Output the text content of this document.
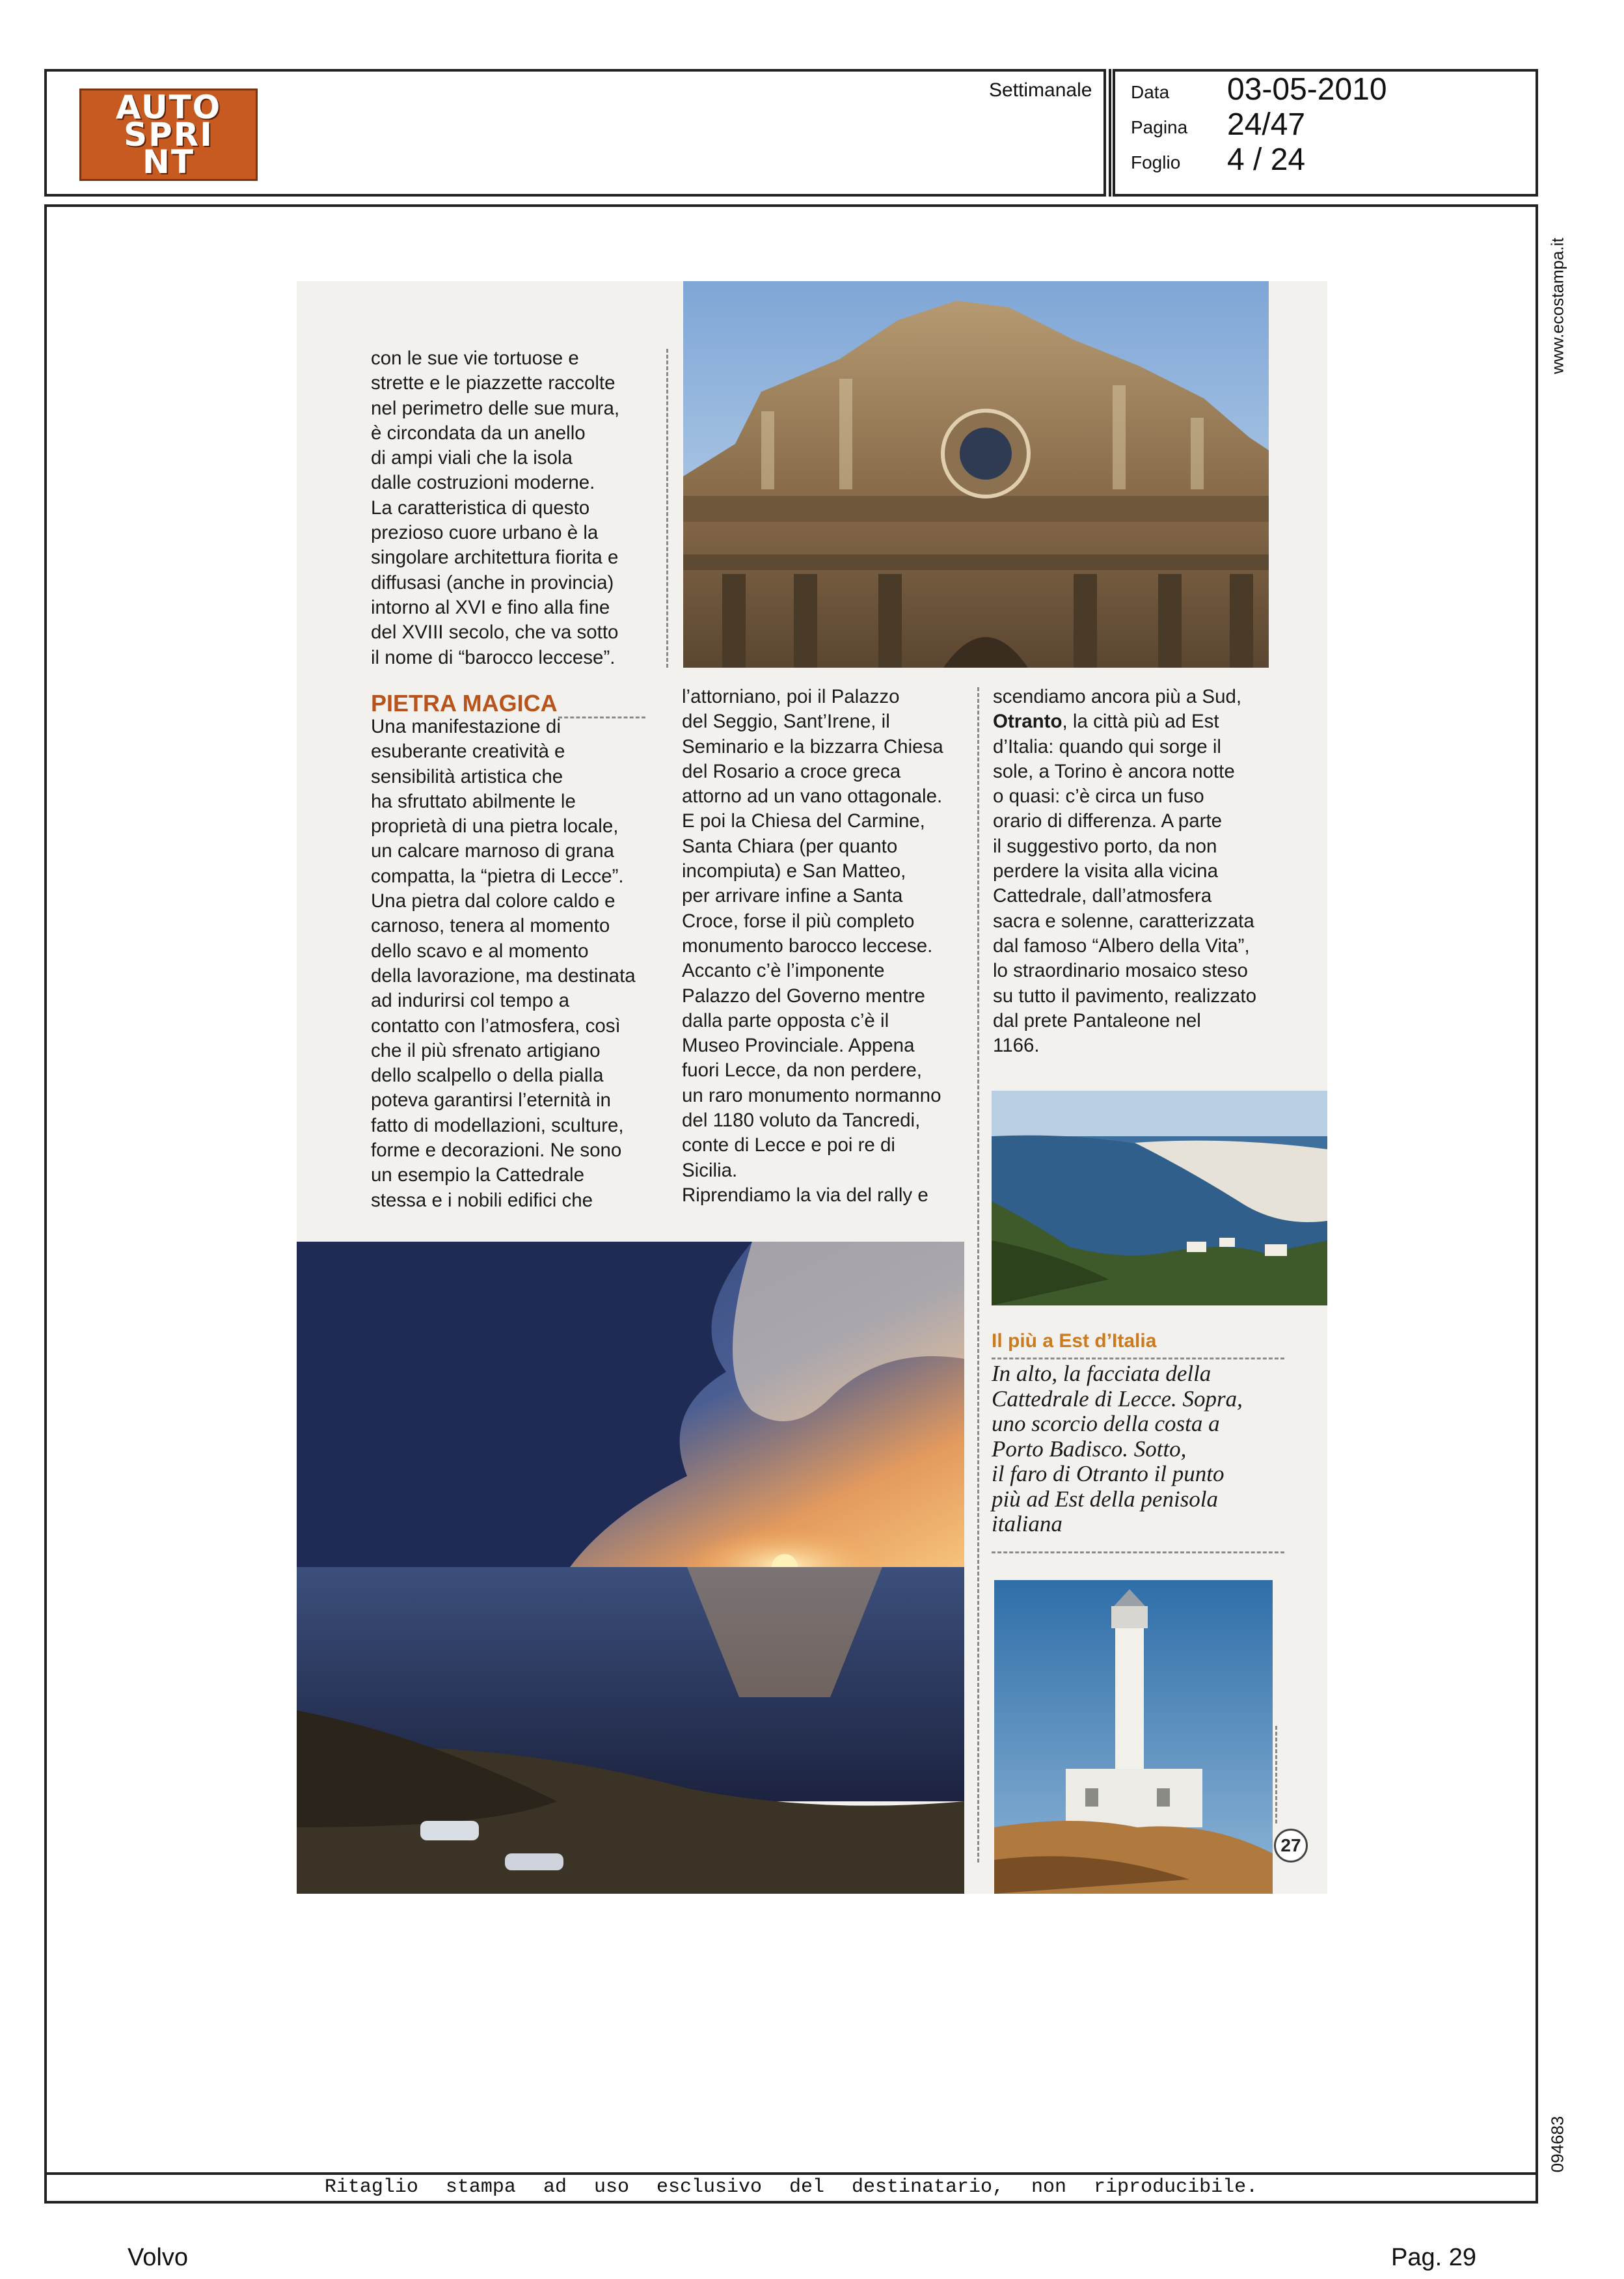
AUTO
SPRI
NT
Settimanale Data 03-05-2010
Pagina 24/47
Foglio 4 / 24
Ritaglio stampa ad uso esclusivo del destinatario, non riproducibile.
www.ecostampa.it
094683

con le sue vie tortuose e

strette e le piazzette raccolte

nel perimetro delle sue mura,

è circondata da un anello

di ampi viali che la isola

dalle costruzioni moderne.

La caratteristica di questo

prezioso cuore urbano è la

singolare architettura fiorita e

diffusasi (anche in provincia)

intorno al XVI e fino alla fine

del XVIII secolo, che va sotto

il nome di “barocco leccese”.

PIETRA MAGICA

Una manifestazione di

esuberante creatività e

sensibilità artistica che

ha sfruttato abilmente le

proprietà di una pietra locale,

un calcare marnoso di grana

compatta, la “pietra di Lecce”.

Una pietra dal colore caldo e

carnoso, tenera al momento

dello scavo e al momento

della lavorazione, ma destinata

ad indurirsi col tempo a

contatto con l’atmosfera, così

che il più sfrenato artigiano

dello scalpello o della pialla

poteva garantirsi l’eternità in

fatto di modellazioni, sculture,

forme e decorazioni. Ne sono

un esempio la Cattedrale

stessa e i nobili edifici che

l’attorniano, poi il Palazzo

del Seggio, Sant’Irene, il

Seminario e la bizzarra Chiesa

del Rosario a croce greca

attorno ad un vano ottagonale.

E poi la Chiesa del Carmine,

Santa Chiara (per quanto

incompiuta) e San Matteo,

per arrivare infine a Santa

Croce, forse il più completo

monumento barocco leccese.

Accanto c’è l’imponente

Palazzo del Governo mentre

dalla parte opposta c’è il

Museo Provinciale. Appena

fuori Lecce, da non perdere,

un raro monumento normanno

del 1180 voluto da Tancredi,

conte di Lecce e poi re di

Sicilia.

Riprendiamo la via del rally e

scendiamo ancora più a Sud,

Otranto, la città più ad Est

d’Italia: quando qui sorge il

sole, a Torino è ancora notte

o quasi: c’è circa un fuso

orario di differenza. A parte

il suggestivo porto, da non

perdere la visita alla vicina

Cattedrale, dall’atmosfera

sacra e solenne, caratterizzata

dal famoso “Albero della Vita”,

lo straordinario mosaico steso

su tutto il pavimento, realizzato

dal prete Pantaleone nel

1166.

Il più a Est d’Italia
In alto, la facciata della
Cattedrale di Lecce. Sopra,
uno scorcio della costa a
Porto Badisco. Sotto,
il faro di Otranto il punto
più ad Est della penisola
italiana
27
Volvo	Pag. 29
